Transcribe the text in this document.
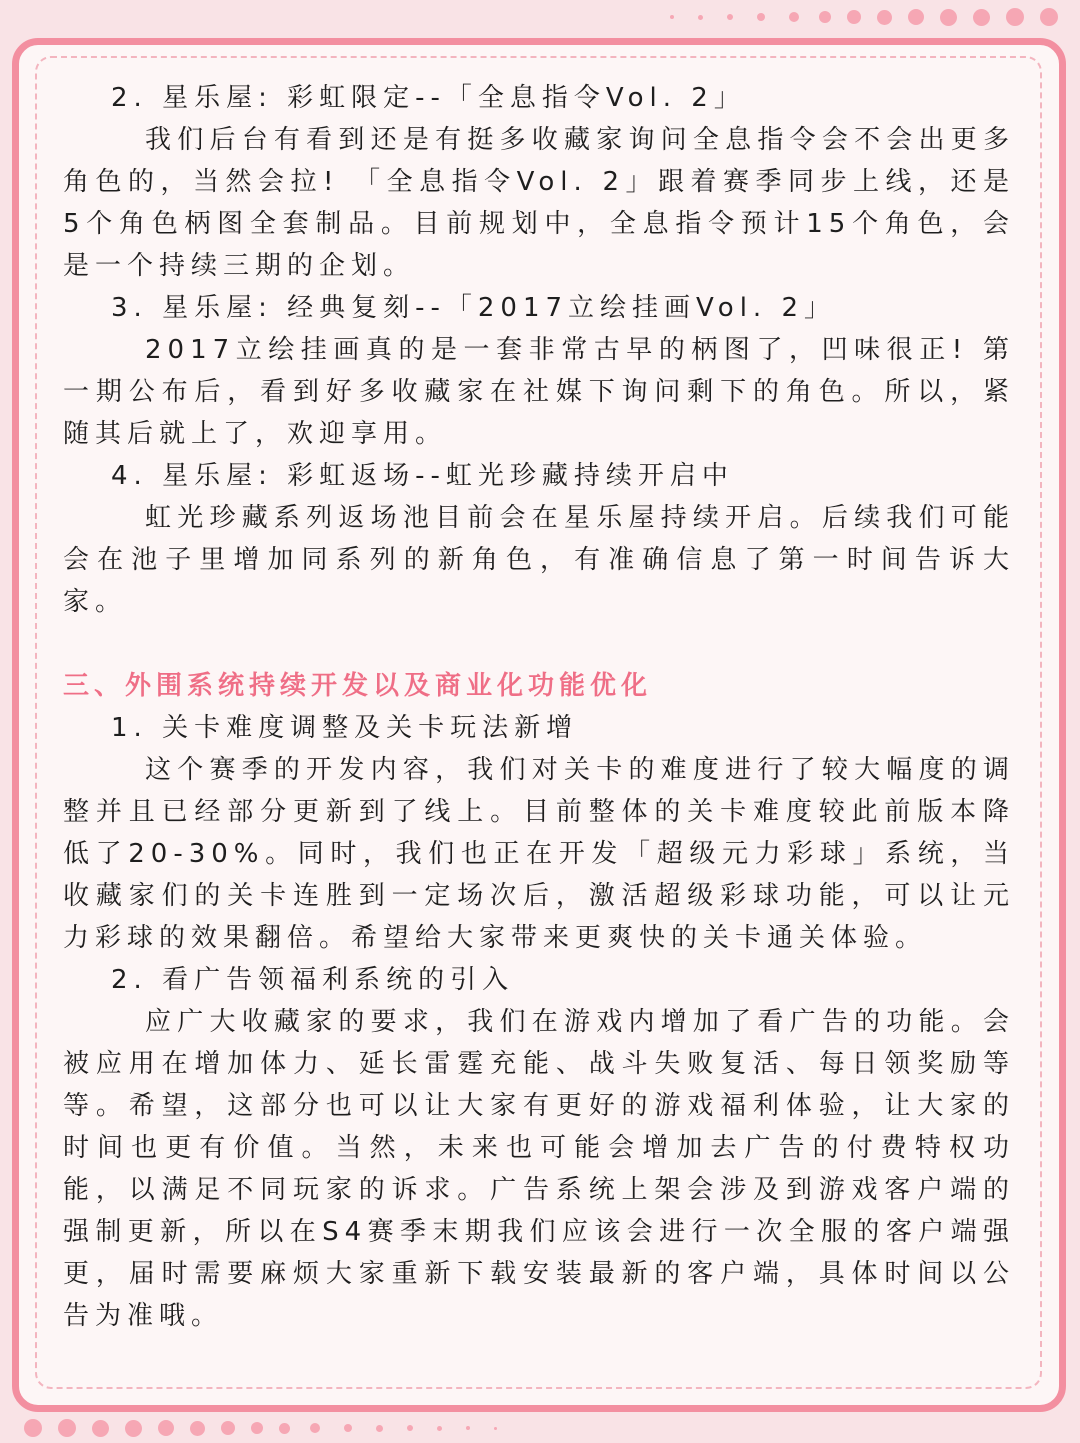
2. 星乐屋: 彩虹限定--「全息指令Vol. 2」

我们后台有看到还是有挺多收藏家询问全息指令会不会出更多角色的，当然会拉! 「全息指令Vol. 2」跟着赛季同步上线，还是5个角色柄图全套制品。目前规划中，全息指令预计15个角色，会是一个持续三期的企划。

3. 星乐屋: 经典复刻--「2017立绘挂画Vol. 2」

2017立绘挂画真的是一套非常古早的柄图了，凹味很正! 第一期公布后，看到好多收藏家在社媒下询问剩下的角色。所以，紧随其后就上了，欢迎享用。

4. 星乐屋: 彩虹返场--虹光珍藏持续开启中

虹光珍藏系列返场池目前会在星乐屋持续开启。后续我们可能会在池子里增加同系列的新角色，有准确信息了第一时间告诉大家。

三、外围系统持续开发以及商业化功能优化

1. 关卡难度调整及关卡玩法新增

这个赛季的开发内容，我们对关卡的难度进行了较大幅度的调整并且已经部分更新到了线上。目前整体的关卡难度较此前版本降低了20-30%。同时，我们也正在开发「超级元力彩球」系统，当收藏家们的关卡连胜到一定场次后，激活超级彩球功能，可以让元力彩球的效果翻倍。希望给大家带来更爽快的关卡通关体验。

2. 看广告领福利系统的引入

应广大收藏家的要求，我们在游戏内增加了看广告的功能。会被应用在增加体力、延长雷霆充能、战斗失败复活、每日领奖励等等。希望，这部分也可以让大家有更好的游戏福利体验，让大家的时间也更有价值。当然，未来也可能会增加去广告的付费特权功能，以满足不同玩家的诉求。广告系统上架会涉及到游戏客户端的强制更新，所以在S4赛季末期我们应该会进行一次全服的客户端强更，届时需要麻烦大家重新下载安装最新的客户端，具体时间以公告为准哦。
